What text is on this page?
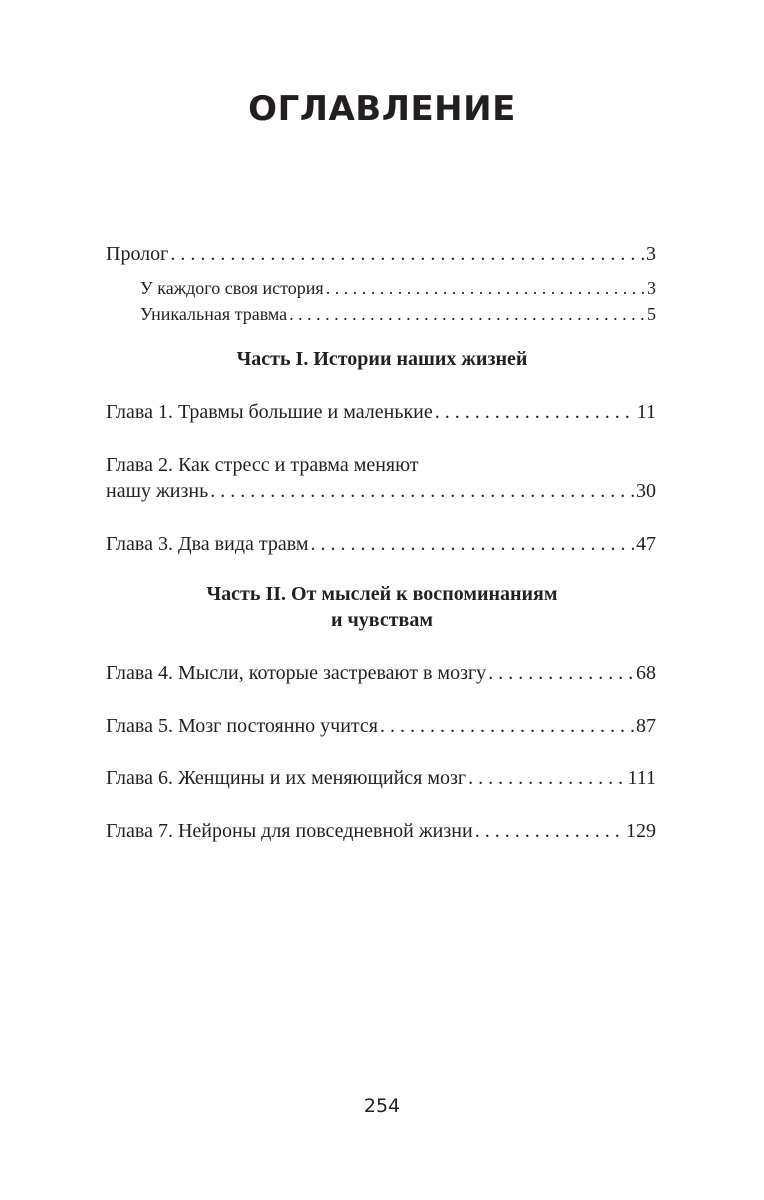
ОГЛАВЛЕНИЕ
Пролог . . .	3
У каждого своя история . . .	3
Уникальная травма . . .	5
Часть I. Истории наших жизней
Глава 1. Травмы большие и маленькие . . .	11
Глава 2. Как стресс и травма меняют
нашу жизнь . . .	30
Глава 3. Два вида травм . . .	47
Часть II. От мыслей к воспоминаниям
и чувствам
Глава 4. Мысли, которые застревают в мозгу . . .	68
Глава 5. Мозг постоянно учится . . .	87
Глава 6. Женщины и их меняющийся мозг . . .	111
Глава 7. Нейроны для повседневной жизни . . .	129
254
